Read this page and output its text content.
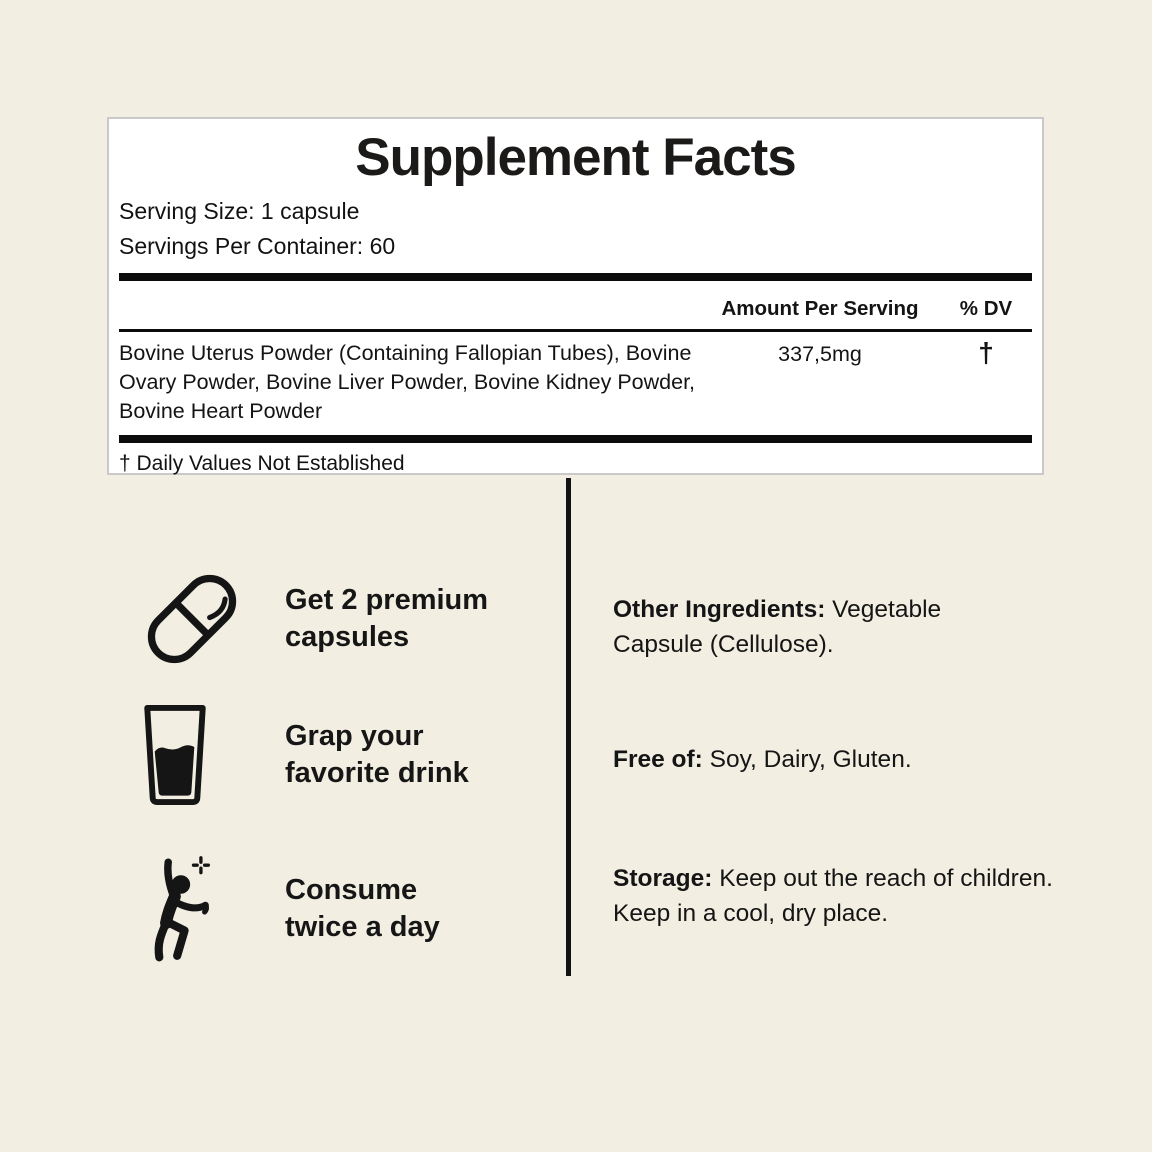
Supplement Facts

Serving Size: 1 capsule

Servings Per Container: 60

Amount Per Serving	% DV
Bovine Uterus Powder (Containing Fallopian Tubes), Bovine Ovary Powder, Bovine Liver Powder, Bovine Kidney Powder, Bovine Heart Powder
337,5mg	†

† Daily Values Not Established

Get 2 premium
capsules
Grap your
favorite drink
Consume
twice a day

Other Ingredients: Vegetable Capsule (Cellulose).

Free of: Soy, Dairy, Gluten.

Storage: Keep out the reach of children. Keep in a cool, dry place.
